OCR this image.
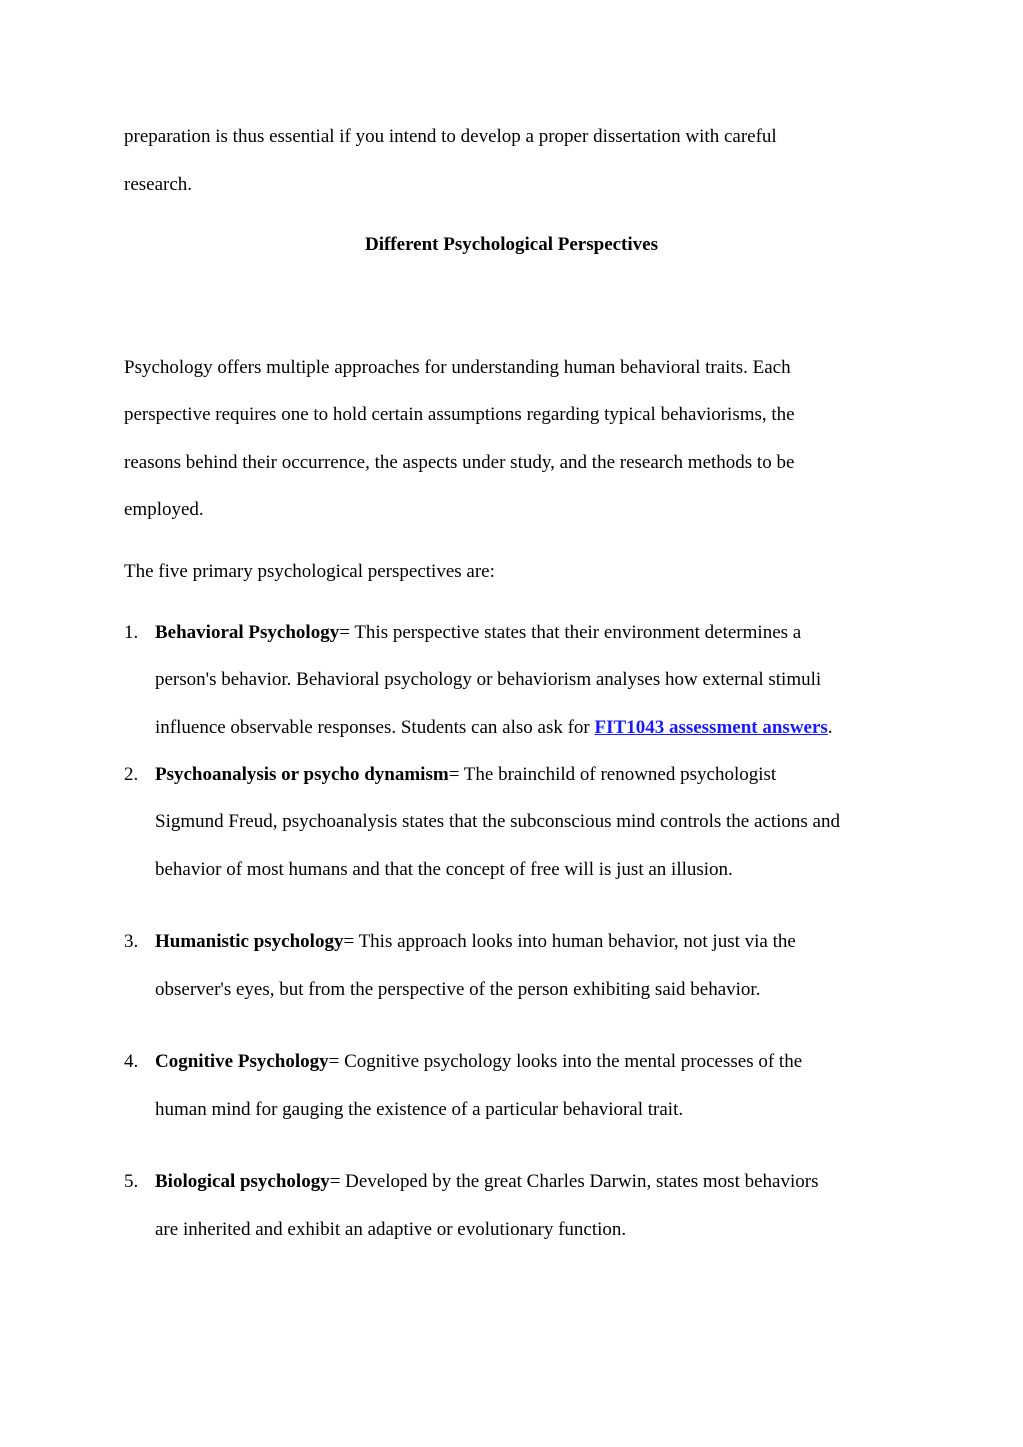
preparation is thus essential if you intend to develop a proper dissertation with careful
research.
Different Psychological Perspectives
Psychology offers multiple approaches for understanding human behavioral traits. Each
perspective requires one to hold certain assumptions regarding typical behaviorisms, the
reasons behind their occurrence, the aspects under study, and the research methods to be
employed.
The five primary psychological perspectives are:
1. Behavioral Psychology= This perspective states that their environment determines a
person's behavior. Behavioral psychology or behaviorism analyses how external stimuli
influence observable responses. Students can also ask for FIT1043 assessment answers.
2. Psychoanalysis or psycho dynamism= The brainchild of renowned psychologist
Sigmund Freud, psychoanalysis states that the subconscious mind controls the actions and
behavior of most humans and that the concept of free will is just an illusion.
3. Humanistic psychology= This approach looks into human behavior, not just via the
observer's eyes, but from the perspective of the person exhibiting said behavior.
4. Cognitive Psychology= Cognitive psychology looks into the mental processes of the
human mind for gauging the existence of a particular behavioral trait.
5. Biological psychology= Developed by the great Charles Darwin, states most behaviors
are inherited and exhibit an adaptive or evolutionary function.
